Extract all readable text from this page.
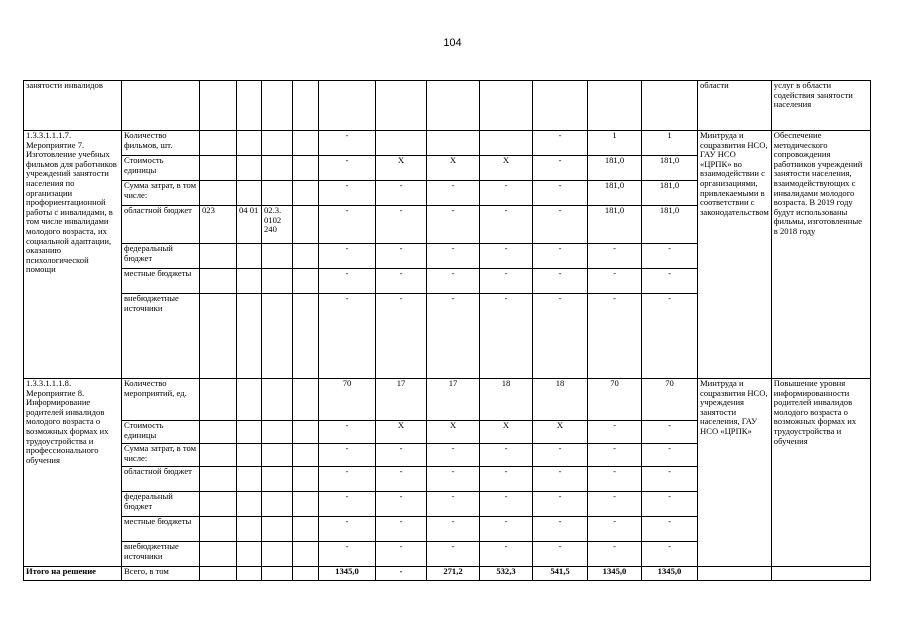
104
занятости инвалидов													области	услуг в области содействия занятости населения
1.3.3.1.1.1.7. Мероприятие 7. Изготовление учебных фильмов для работников учреждений занятости населения по организации профориентационной работы с инвалидами, в том числе инвалидами молодого возраста, их социальной адаптации, оказанию психологической помощи	Количество фильмов, шт.					-				-	1	1	Минтруда и соцразвития НСО, ГАУ НСО «ЦРПК» во взаимодействии с организациями, привлекаемыми в соответствии с законодательством	Обеспечение методического сопровождения работников учреждений занятости населения, взаимодействующих с инвалидами молодого возраста. В 2019 году будут использованы фильмы, изготовленные в 2018 году
	Стоимость единицы					-	X	X	X	-	181,0	181,0		
	Сумма затрат, в том числе:					-	-	-	-	-	181,0	181,0		
	областной бюджет	023	04 01	02.3. 0102 240		-	-	-	-	-	181,0	181,0		
	федеральный бюджет					-	-	-	-	-	-	-		
	местные бюджеты					-	-	-	-	-	-	-		
	внебюджетные источники					-	-	-	-	-	-	-		
1.3.3.1.1.1.8. Мероприятие 8. Информирование родителей инвалидов молодого возраста о возможных формах их трудоустройства и профессионального обучения	Количество мероприятий, ед.					70	17	17	18	18	70	70	Минтруда и соцразвития НСО, учреждения занятости населения, ГАУ НСО «ЦРПК»	Повышение уровня информированности родителей инвалидов молодого возраста о возможных формах их трудоустройства и обучения
	Стоимость единицы					-	X	X	X	X	-	-		
	Сумма затрат, в том числе:					-	-	-	-	-	-	-		
	областной бюджет					-	-	-	-	-	-	-		
	федеральный бюджет					-	-	-	-	-	-	-		
	местные бюджеты					-	-	-	-	-	-	-		
	внебюджетные источники					-	-	-	-	-	-	-		
Итого на решение	Всего, в том					1345,0	-	271,2	532,3	541,5	1345,0	1345,0		
